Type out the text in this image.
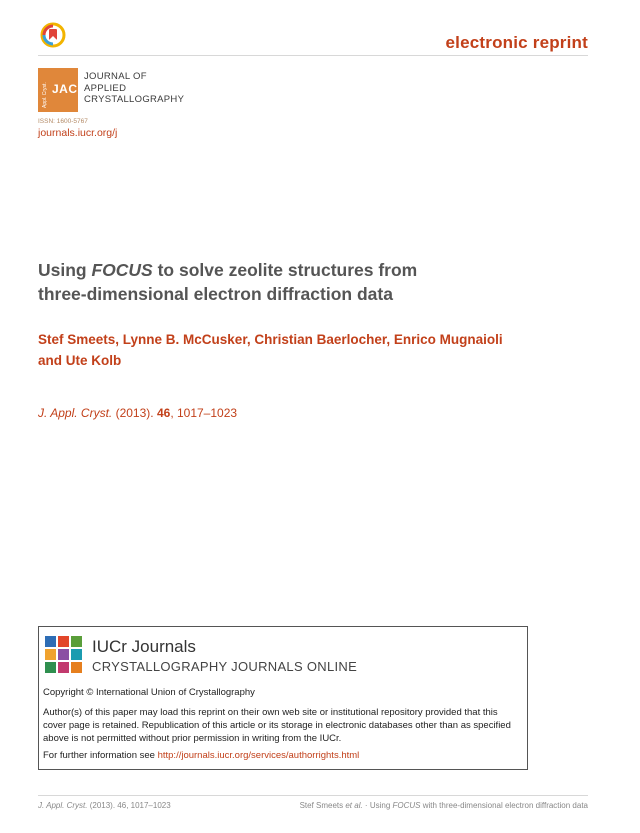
electronic reprint
Appl. Cryst. JAC
JOURNAL OF
APPLIED
CRYSTALLOGRAPHY
ISSN: 1600-5767
journals.iucr.org/j
Using FOCUS to solve zeolite structures from
three-dimensional electron diffraction data
Stef Smeets, Lynne B. McCusker, Christian Baerlocher, Enrico Mugnaioli
and Ute Kolb
J. Appl. Cryst. (2013). 46, 1017–1023
IUCr Journals
CRYSTALLOGRAPHY JOURNALS ONLINE
Copyright © International Union of Crystallography
Author(s) of this paper may load this reprint on their own web site or institutional repository provided that this cover page is retained. Republication of this article or its storage in electronic databases other than as specified above is not permitted without prior permission in writing from the IUCr.
For further information see http://journals.iucr.org/services/authorrights.html
J. Appl. Cryst. (2013). 46, 1017–1023	Stef Smeets et al. · Using FOCUS with three-dimensional electron diffraction data
